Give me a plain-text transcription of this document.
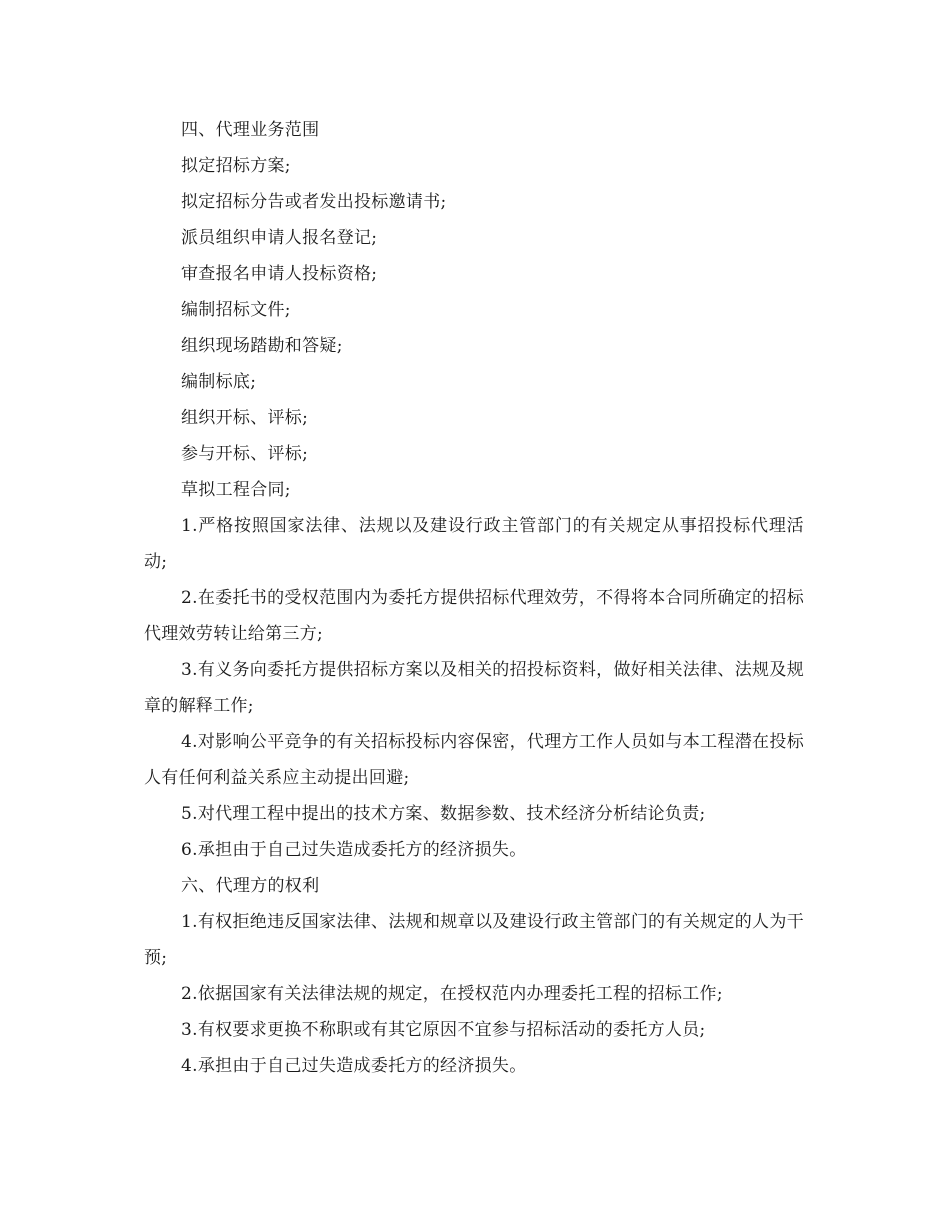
四、代理业务范围
拟定招标方案;
拟定招标分告或者发出投标邀请书;
派员组织申请人报名登记;
审查报名申请人投标资格;
编制招标文件;
组织现场踏勘和答疑;
编制标底;
组织开标、评标;
参与开标、评标;
草拟工程合同;
1.严格按照国家法律、法规以及建设行政主管部门的有关规定从事招投标代理活动;
2.在委托书的受权范围内为委托方提供招标代理效劳，不得将本合同所确定的招标代理效劳转让给第三方;
3.有义务向委托方提供招标方案以及相关的招投标资料，做好相关法律、法规及规章的解释工作;
4.对影响公平竞争的有关招标投标内容保密，代理方工作人员如与本工程潜在投标人有任何利益关系应主动提出回避;
5.对代理工程中提出的技术方案、数据参数、技术经济分析结论负责;
6.承担由于自己过失造成委托方的经济损失。
六、代理方的权利
1.有权拒绝违反国家法律、法规和规章以及建设行政主管部门的有关规定的人为干预;
2.依据国家有关法律法规的规定，在授权范内办理委托工程的招标工作;
3.有权要求更换不称职或有其它原因不宜参与招标活动的委托方人员;
4.承担由于自己过失造成委托方的经济损失。
